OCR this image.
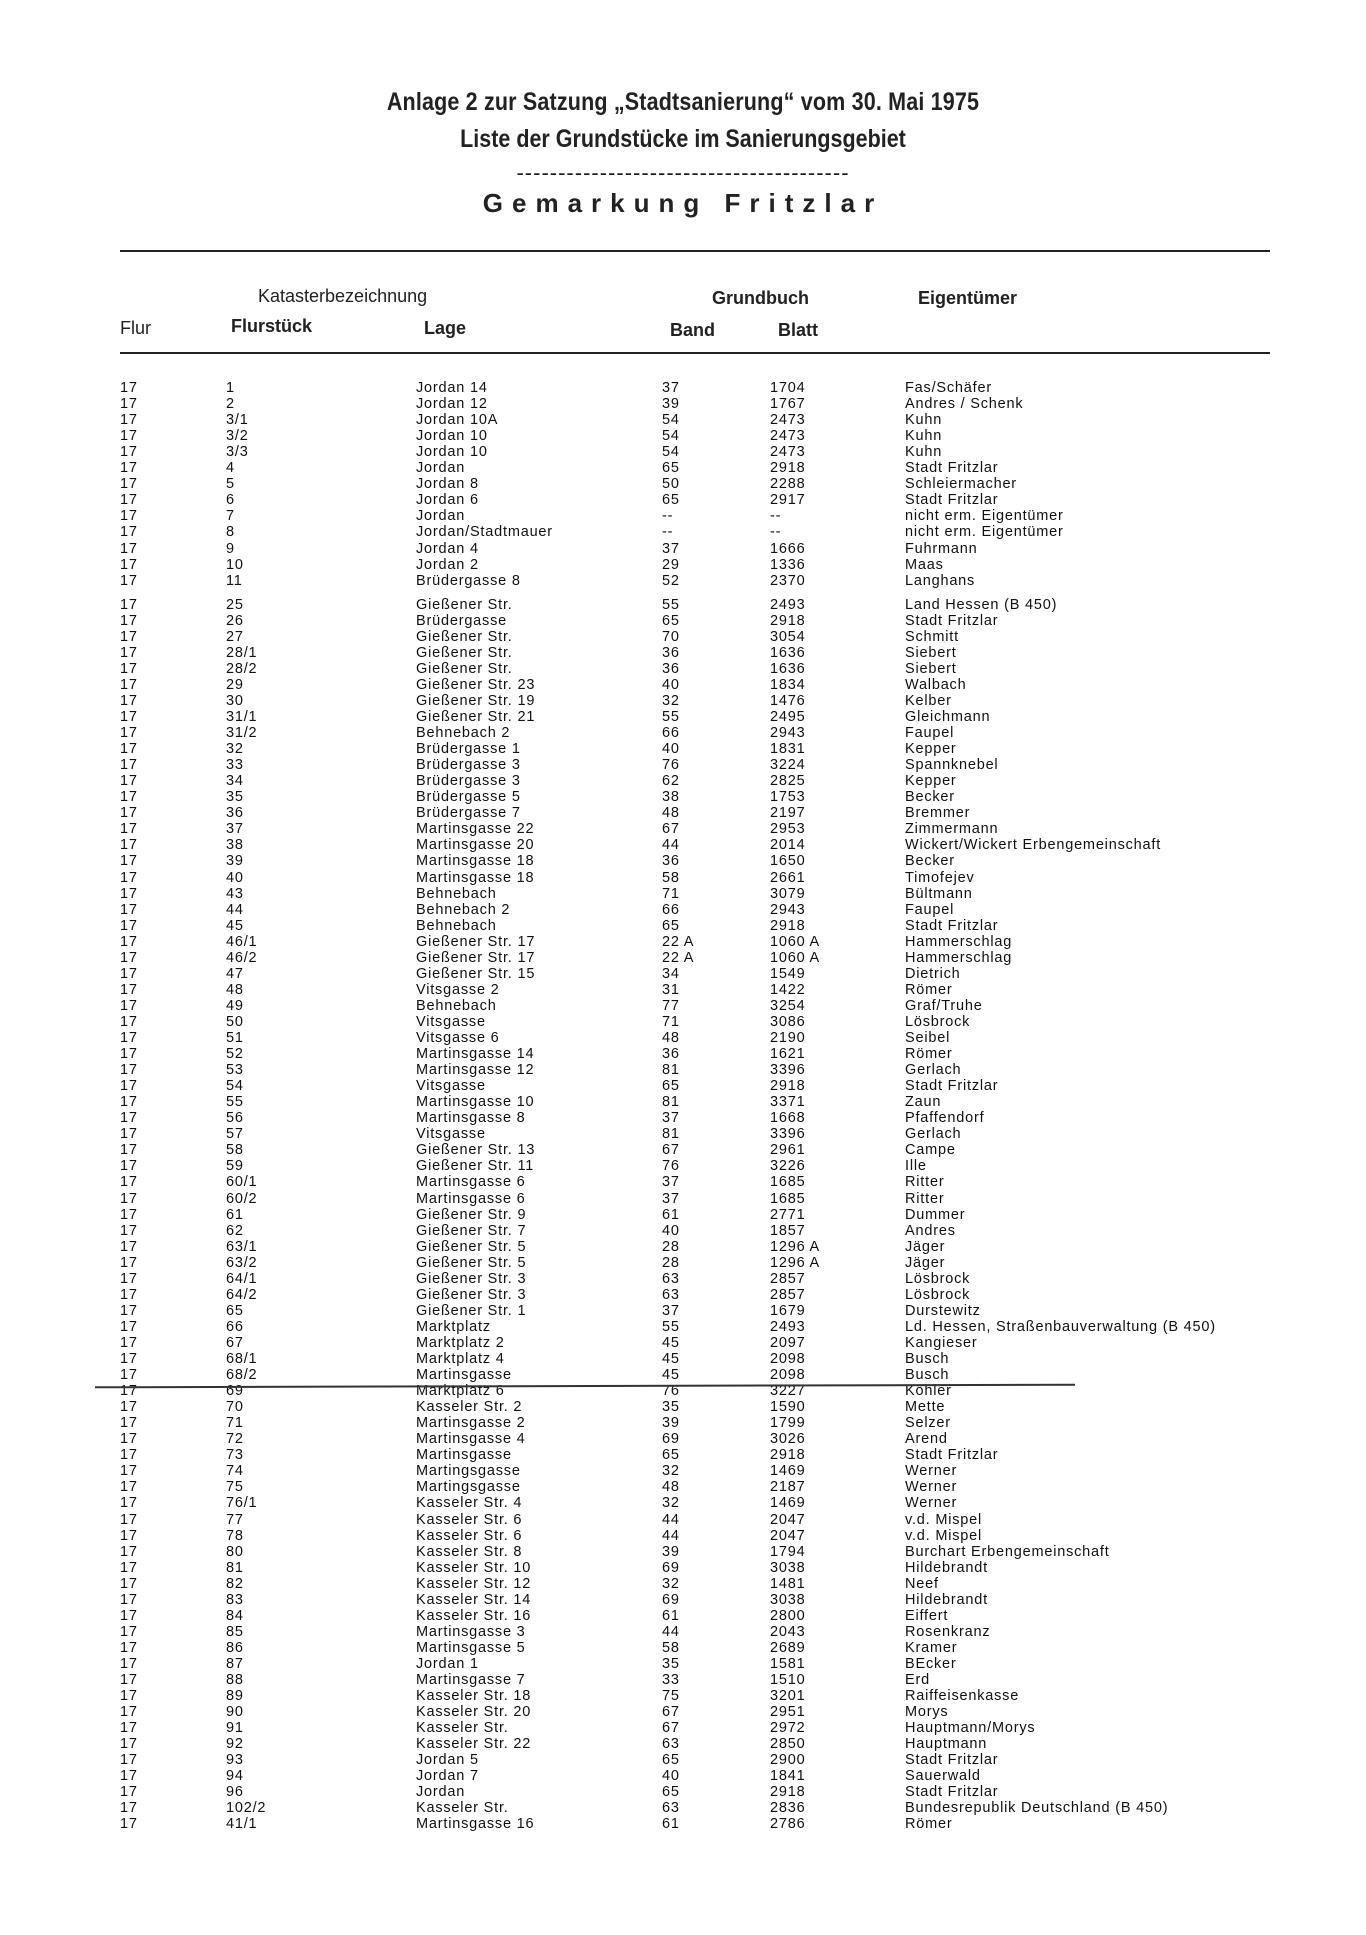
Anlage 2 zur Satzung „Stadtsanierung“ vom 30. Mai 1975
Liste der Grundstücke im Sanierungsgebiet
----------------------------------------
Gemarkung Fritzlar
Katasterbezeichnung	Grundbuch	Eigentümer
Flur	Flurstück	Lage	Band	Blatt
17	1	Jordan 14	37	1704	Fas/Schäfer
17	2	Jordan 12	39	1767	Andres / Schenk
17	3/1	Jordan 10A	54	2473	Kuhn
17	3/2	Jordan 10	54	2473	Kuhn
17	3/3	Jordan 10	54	2473	Kuhn
17	4	Jordan	65	2918	Stadt Fritzlar
17	5	Jordan 8	50	2288	Schleiermacher
17	6	Jordan 6	65	2917	Stadt Fritzlar
17	7	Jordan	--	--	nicht erm. Eigentümer
17	8	Jordan/Stadtmauer	--	--	nicht erm. Eigentümer
17	9	Jordan 4	37	1666	Fuhrmann
17	10	Jordan 2	29	1336	Maas
17	11	Brüdergasse 8	52	2370	Langhans
17	25	Gießener Str.	55	2493	Land Hessen (B 450)
17	26	Brüdergasse	65	2918	Stadt Fritzlar
17	27	Gießener Str.	70	3054	Schmitt
17	28/1	Gießener Str.	36	1636	Siebert
17	28/2	Gießener Str.	36	1636	Siebert
17	29	Gießener Str. 23	40	1834	Walbach
17	30	Gießener Str. 19	32	1476	Kelber
17	31/1	Gießener Str. 21	55	2495	Gleichmann
17	31/2	Behnebach 2	66	2943	Faupel
17	32	Brüdergasse 1	40	1831	Kepper
17	33	Brüdergasse 3	76	3224	Spannknebel
17	34	Brüdergasse 3	62	2825	Kepper
17	35	Brüdergasse 5	38	1753	Becker
17	36	Brüdergasse 7	48	2197	Bremmer
17	37	Martinsgasse 22	67	2953	Zimmermann
17	38	Martinsgasse 20	44	2014	Wickert/Wickert Erbengemeinschaft
17	39	Martinsgasse 18	36	1650	Becker
17	40	Martinsgasse 18	58	2661	Timofejev
17	43	Behnebach	71	3079	Bültmann
17	44	Behnebach 2	66	2943	Faupel
17	45	Behnebach	65	2918	Stadt Fritzlar
17	46/1	Gießener Str. 17	22 A	1060 A	Hammerschlag
17	46/2	Gießener Str. 17	22 A	1060 A	Hammerschlag
17	47	Gießener Str. 15	34	1549	Dietrich
17	48	Vitsgasse 2	31	1422	Römer
17	49	Behnebach	77	3254	Graf/Truhe
17	50	Vitsgasse	71	3086	Lösbrock
17	51	Vitsgasse 6	48	2190	Seibel
17	52	Martinsgasse 14	36	1621	Römer
17	53	Martinsgasse 12	81	3396	Gerlach
17	54	Vitsgasse	65	2918	Stadt Fritzlar
17	55	Martinsgasse 10	81	3371	Zaun
17	56	Martinsgasse 8	37	1668	Pfaffendorf
17	57	Vitsgasse	81	3396	Gerlach
17	58	Gießener Str. 13	67	2961	Campe
17	59	Gießener Str. 11	76	3226	Ille
17	60/1	Martinsgasse 6	37	1685	Ritter
17	60/2	Martinsgasse 6	37	1685	Ritter
17	61	Gießener Str. 9	61	2771	Dummer
17	62	Gießener Str. 7	40	1857	Andres
17	63/1	Gießener Str. 5	28	1296 A	Jäger
17	63/2	Gießener Str. 5	28	1296 A	Jäger
17	64/1	Gießener Str. 3	63	2857	Lösbrock
17	64/2	Gießener Str. 3	63	2857	Lösbrock
17	65	Gießener Str. 1	37	1679	Durstewitz
17	66	Marktplatz	55	2493	Ld. Hessen, Straßenbauverwaltung (B 450)
17	67	Marktplatz 2	45	2097	Kangieser
17	68/1	Marktplatz 4	45	2098	Busch
17	68/2	Martinsgasse	45	2098	Busch
17	69	Marktplatz 6	76	3227	Köhler
17	70	Kasseler Str. 2	35	1590	Mette
17	71	Martinsgasse 2	39	1799	Selzer
17	72	Martinsgasse 4	69	3026	Arend
17	73	Martinsgasse	65	2918	Stadt Fritzlar
17	74	Martingsgasse	32	1469	Werner
17	75	Martingsgasse	48	2187	Werner
17	76/1	Kasseler Str. 4	32	1469	Werner
17	77	Kasseler Str. 6	44	2047	v.d. Mispel
17	78	Kasseler Str. 6	44	2047	v.d. Mispel
17	80	Kasseler Str. 8	39	1794	Burchart Erbengemeinschaft
17	81	Kasseler Str. 10	69	3038	Hildebrandt
17	82	Kasseler Str. 12	32	1481	Neef
17	83	Kasseler Str. 14	69	3038	Hildebrandt
17	84	Kasseler Str. 16	61	2800	Eiffert
17	85	Martinsgasse 3	44	2043	Rosenkranz
17	86	Martinsgasse 5	58	2689	Kramer
17	87	Jordan 1	35	1581	BEcker
17	88	Martinsgasse 7	33	1510	Erd
17	89	Kasseler Str. 18	75	3201	Raiffeisenkasse
17	90	Kasseler Str. 20	67	2951	Morys
17	91	Kasseler Str.	67	2972	Hauptmann/Morys
17	92	Kasseler Str. 22	63	2850	Hauptmann
17	93	Jordan 5	65	2900	Stadt Fritzlar
17	94	Jordan 7	40	1841	Sauerwald
17	96	Jordan	65	2918	Stadt Fritzlar
17	102/2	Kasseler Str.	63	2836	Bundesrepublik Deutschland (B 450)
17	41/1	Martinsgasse 16	61	2786	Römer
